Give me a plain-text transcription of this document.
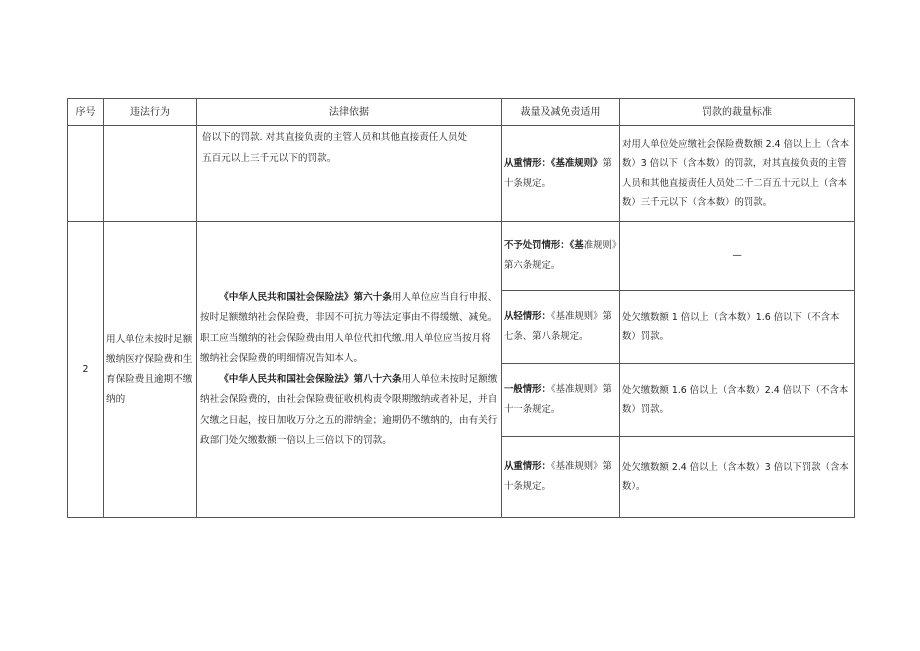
序号	违法行为	法律依据	裁量及减免责适用	罚款的裁量标准

		倍以下的罚款. 对其直接负责的主管人员和其他直接责任人员处
五百元以上三千元以下的罚款。	从重情形：《基准规则》第十条规定。	对用人单位处应缴社会保险费数额 2.4 倍以上上（含本数）3 倍以下（含本数）的罚款，对其直接负责的主管人员和其他直接责任人员处二千二百五十元以上（含本数）三千元以下（含本数）的罚款。

2	用人单位未按时足额缴纳医疗保险费和生育保险费且逾期不缴纳的	《中华人民共和国社会保险法》第六十条用人单位应当自行申报、按时足额缴纳社会保险费，非因不可抗力等法定事由不得缓缴、减免。职工应当缴纳的社会保险费由用人单位代扣代缴.用人单位应当按月将缴纳社会保险费的明细情况告知本人。

《中华人民共和国社会保险法》第八十六条用人单位未按时足额缴纳社会保险费的，由社会保险费征收机构责令限期缴纳或者补足，并自欠缴之日起，按日加收万分之五的滞纳金；逾期仍不缴纳的，由有关行政部门处欠缴数额一倍以上三倍以下的罚款。	不予处罚情形：《基准规则》第六条规定。	—

			从轻情形：《基准规则》第七条、第八条规定。	处欠缴数额 1 倍以上（含本数）1.6 倍以下（不含本数）罚款。

			一般情形：《基准规则》第十一条规定。	处欠缴数额 1.6 倍以上（含本数）2.4 倍以下（不含本数）罚款。

			从重情形：《基准规则》第十条规定。	处欠缴数额 2.4 倍以上（含本数）3 倍以下罚款（含本数）。
